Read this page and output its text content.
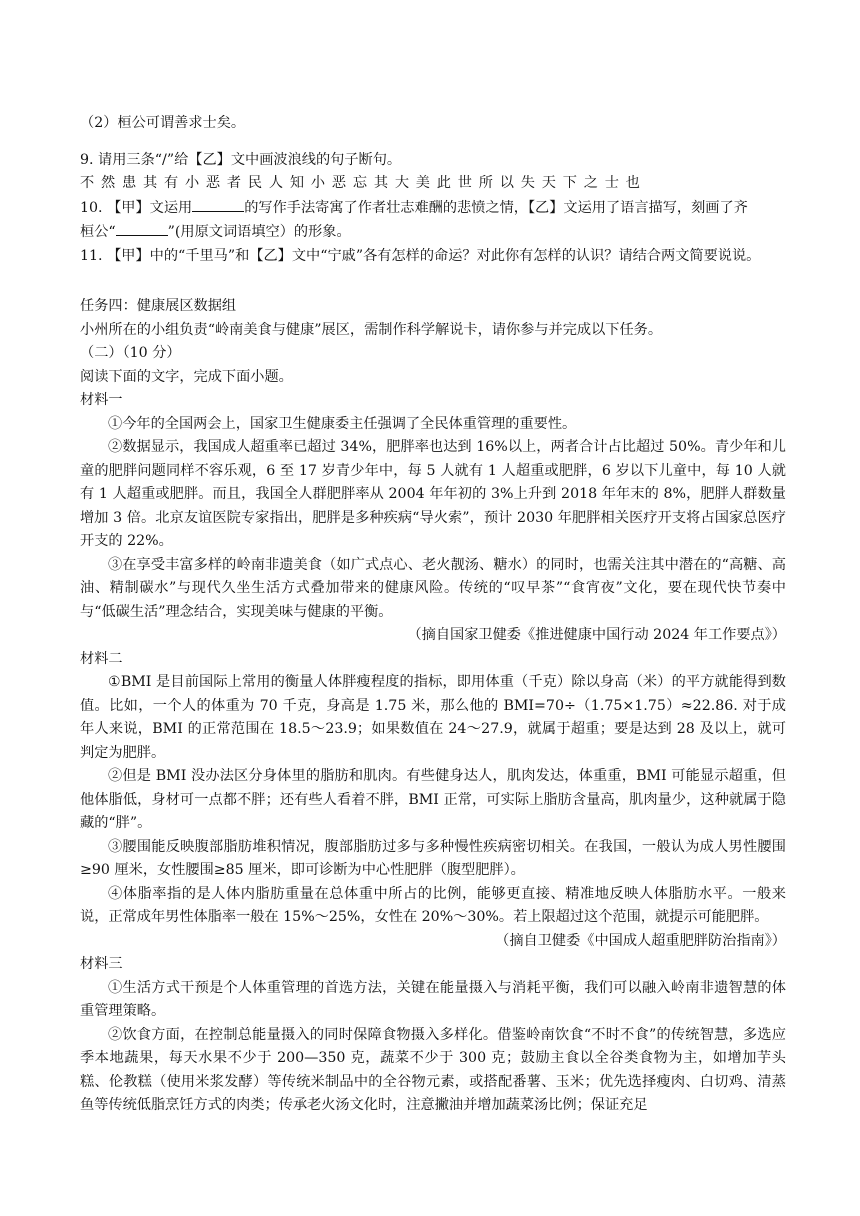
（2）桓公可谓善求士矣。

9. 请用三条“/”给【乙】文中画波浪线的句子断句。

不然患其有小恶者民人知小恶忘其大美此世所以失天下之士也

10. 【甲】文运用	的写作手法寄寓了作者壮志难酬的悲愤之情，【乙】文运用了语言描写，刻画了齐
桓公“	”(用原文词语填空）的形象。

11. 【甲】中的“千里马”和【乙】文中“宁戚”各有怎样的命运？对此你有怎样的认识？请结合两文简要说说。

任务四：健康展区数据组

小州所在的小组负责“岭南美食与健康”展区，需制作科学解说卡，请你参与并完成以下任务。

（二）（10 分）

阅读下面的文字，完成下面小题。

材料一

①今年的全国两会上，国家卫生健康委主任强调了全民体重管理的重要性。

②数据显示，我国成人超重率已超过 34%，肥胖率也达到 16%以上，两者合计占比超过 50%。青少年和儿童的肥胖问题同样不容乐观，6 至 17 岁青少年中，每 5 人就有 1 人超重或肥胖，6 岁以下儿童中，每 10 人就有 1 人超重或肥胖。而且，我国全人群肥胖率从 2004 年年初的 3%上升到 2018 年年末的 8%，肥胖人群数量增加 3 倍。北京友谊医院专家指出，肥胖是多种疾病“导火索”，预计 2030 年肥胖相关医疗开支将占国家总医疗开支的 22%。

③在享受丰富多样的岭南非遗美食（如广式点心、老火靓汤、糖水）的同时，也需关注其中潜在的“高糖、高油、精制碳水”与现代久坐生活方式叠加带来的健康风险。传统的“叹早茶”“食宵夜”文化，要在现代快节奏中与“低碳生活”理念结合，实现美味与健康的平衡。

（摘自国家卫健委《推进健康中国行动 2024 年工作要点》）

材料二

①BMI 是目前国际上常用的衡量人体胖瘦程度的指标，即用体重（千克）除以身高（米）的平方就能得到数值。比如，一个人的体重为 70 千克，身高是 1.75 米，那么他的 BMI=70÷（1.75×1.75）≈22.86. 对于成年人来说，BMI 的正常范围在 18.5～23.9；如果数值在 24～27.9，就属于超重；要是达到 28 及以上，就可判定为肥胖。

②但是 BMI 没办法区分身体里的脂肪和肌肉。有些健身达人，肌肉发达，体重重，BMI 可能显示超重，但他体脂低，身材可一点都不胖；还有些人看着不胖，BMI 正常，可实际上脂肪含量高，肌肉量少，这种就属于隐藏的“胖”。

③腰围能反映腹部脂肪堆积情况，腹部脂肪过多与多种慢性疾病密切相关。在我国，一般认为成人男性腰围≥90 厘米，女性腰围≥85 厘米，即可诊断为中心性肥胖（腹型肥胖）。

④体脂率指的是人体内脂肪重量在总体重中所占的比例，能够更直接、精准地反映人体脂肪水平。一般来说，正常成年男性体脂率一般在 15%～25%，女性在 20%～30%。若上限超过这个范围，就提示可能肥胖。

（摘自卫健委《中国成人超重肥胖防治指南》）

材料三

①生活方式干预是个人体重管理的首选方法，关键在能量摄入与消耗平衡，我们可以融入岭南非遗智慧的体重管理策略。

②饮食方面，在控制总能量摄入的同时保障食物摄入多样化。借鉴岭南饮食“不时不食”的传统智慧，多选应季本地蔬果，每天水果不少于 200—350 克，蔬菜不少于 300 克；鼓励主食以全谷类食物为主，如增加芋头糕、伦教糕（使用米浆发酵）等传统米制品中的全谷物元素，或搭配番薯、玉米；优先选择瘦肉、白切鸡、清蒸鱼等传统低脂烹饪方式的肉类；传承老火汤文化时，注意撇油并增加蔬菜汤比例；保证充足
